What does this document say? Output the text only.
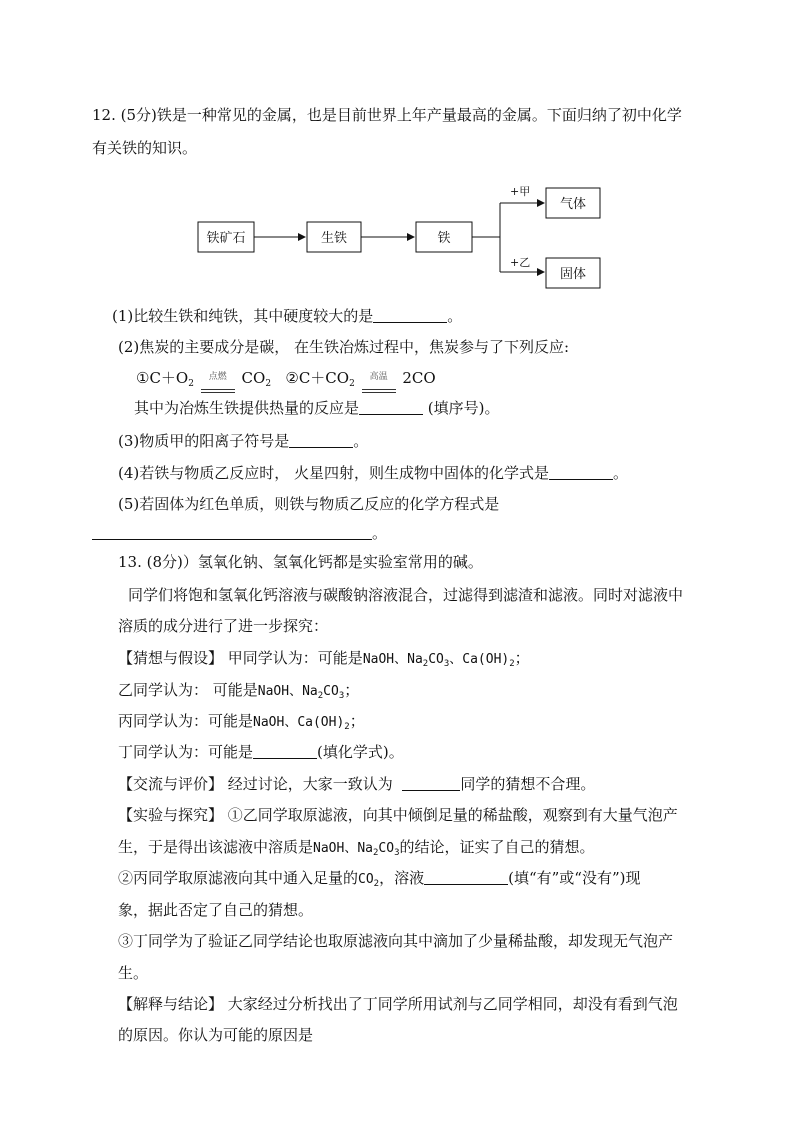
12. (5分)铁是一种常见的金属，也是目前世界上年产量最高的金属。下面归纳了初中化学
有关铁的知识。
铁矿石	生铁	铁
+甲
+乙
气体
固体
(1)比较生铁和纯铁，其中硬度较大的是	。
(2)焦炭的主要成分是碳， 在生铁冶炼过程中，焦炭参与了下列反应:
$①C+O_2$ 点燃 $CO_2$ $②C+CO_2$ 高温 2CO
其中为冶炼生铁提供热量的反应是	(填序号)。
(3)物质甲的阳离子符号是	。
(4)若铁与物质乙反应时， 火星四射，则生成物中固体的化学式是	。
(5)若固体为红色单质，则铁与物质乙反应的化学方程式是
。
13. (8分)）氢氧化钠、氢氧化钙都是实验室常用的碱。
同学们将饱和氢氧化钙溶液与碳酸钠溶液混合，过滤得到滤渣和滤液。同时对滤液中
溶质的成分进行了进一步探究：
【猜想与假设】 甲同学认为：可能是NaOH、$Na_2CO_3$、$Ca(OH)_2$；
乙同学认为： 可能是NaOH、$Na_2CO_3$；
丙同学认为：可能是NaOH、$Ca(OH)_2$；
丁同学认为：可能是	(填化学式)。
【交流与评价】 经过讨论，大家一致认为	同学的猜想不合理。
【实验与探究】 ①乙同学取原滤液，向其中倾倒足量的稀盐酸，观察到有大量气泡产
生，于是得出该滤液中溶质是NaOH、$Na_2CO_3$的结论，证实了自己的猜想。
②丙同学取原滤液向其中通入足量的$CO_2$，溶液	(填“有”或“没有”)现
象，据此否定了自己的猜想。
③丁同学为了验证乙同学结论也取原滤液向其中滴加了少量稀盐酸，却发现无气泡产
生。
【解释与结论】 大家经过分析找出了丁同学所用试剂与乙同学相同，却没有看到气泡
的原因。你认为可能的原因是
